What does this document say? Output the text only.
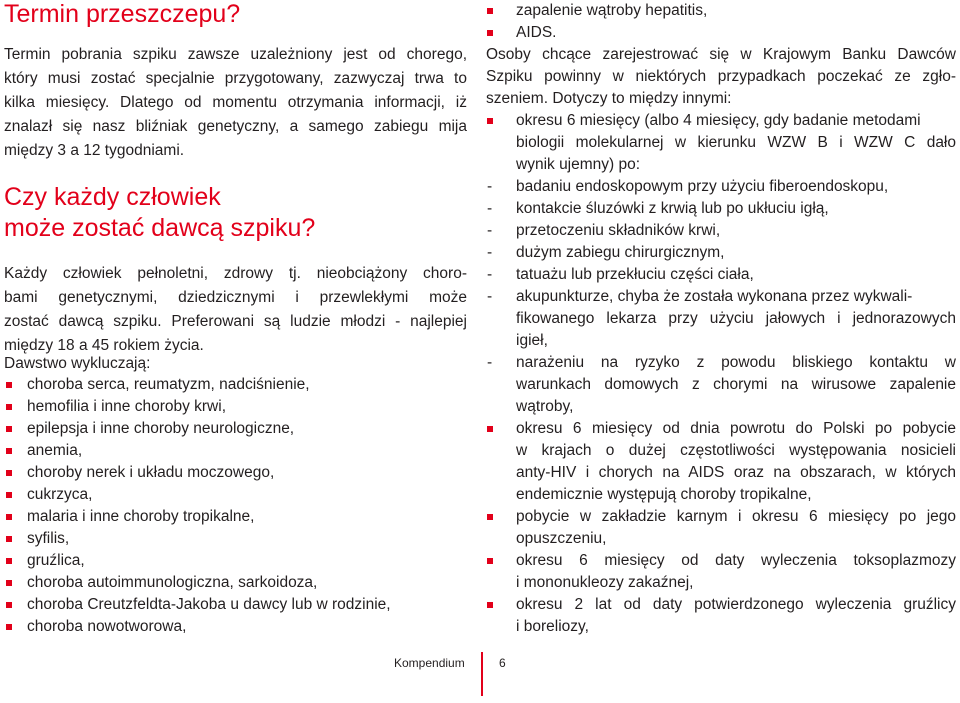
Termin przeszczepu?

Termin pobrania szpiku zawsze uzależniony jest od chorego,
który musi zostać specjalnie przygotowany, zazwyczaj trwa to
kilka miesięcy. Dlatego od momentu otrzymania informacji, iż
znalazł się nasz bliźniak genetyczny, a samego zabiegu mija
między 3 a 12 tygodniami.

Czy każdy człowiek
może zostać dawcą szpiku?

Każdy człowiek pełnoletni, zdrowy tj. nieobciążony choro-
bami genetycznymi, dziedzicznymi i przewlekłymi może
zostać dawcą szpiku. Preferowani są ludzie młodzi - najlepiej
między 18 a 45 rokiem życia.

Dawstwo wykluczają:
choroba serca, reumatyzm, nadciśnienie,
hemofilia i inne choroby krwi,
epilepsja i inne choroby neurologiczne,
anemia,
choroby nerek i układu moczowego,
cukrzyca,
malaria i inne choroby tropikalne,
syfilis,
gruźlica,
choroba autoimmunologiczna, sarkoidoza,
choroba Creutzfeldta-Jakoba u dawcy lub w rodzinie,
choroba nowotworowa,
zapalenie wątroby hepatitis,
AIDS.
Osoby chcące zarejestrować się w Krajowym Banku Dawców
Szpiku powinny w niektórych przypadkach poczekać ze zgło-
szeniem. Dotyczy to między innymi:
okresu 6 miesięcy (albo 4 miesięcy, gdy badanie metodami
biologii molekularnej w kierunku WZW B i WZW C dało
wynik ujemny) po:
- badaniu endoskopowym przy użyciu fiberoendoskopu,
- kontakcie śluzówki z krwią lub po ukłuciu igłą,
- przetoczeniu składników krwi,
- dużym zabiegu chirurgicznym,
- tatuażu lub przekłuciu części ciała,
- akupunkturze, chyba że została wykonana przez wykwali-
fikowanego lekarza przy użyciu jałowych i jednorazowych
igieł,
- narażeniu na ryzyko z powodu bliskiego kontaktu w
warunkach domowych z chorymi na wirusowe zapalenie
wątroby,
okresu 6 miesięcy od dnia powrotu do Polski po pobycie
w krajach o dużej częstotliwości występowania nosicieli
anty-HIV i chorych na AIDS oraz na obszarach, w których
endemicznie występują choroby tropikalne,
pobycie w zakładzie karnym i okresu 6 miesięcy po jego
opuszczeniu,
okresu 6 miesięcy od daty wyleczenia toksoplazmozy
i mononukleozy zakaźnej,
okresu 2 lat od daty potwierdzonego wyleczenia gruźlicy
i boreliozy,
Kompendium	6
